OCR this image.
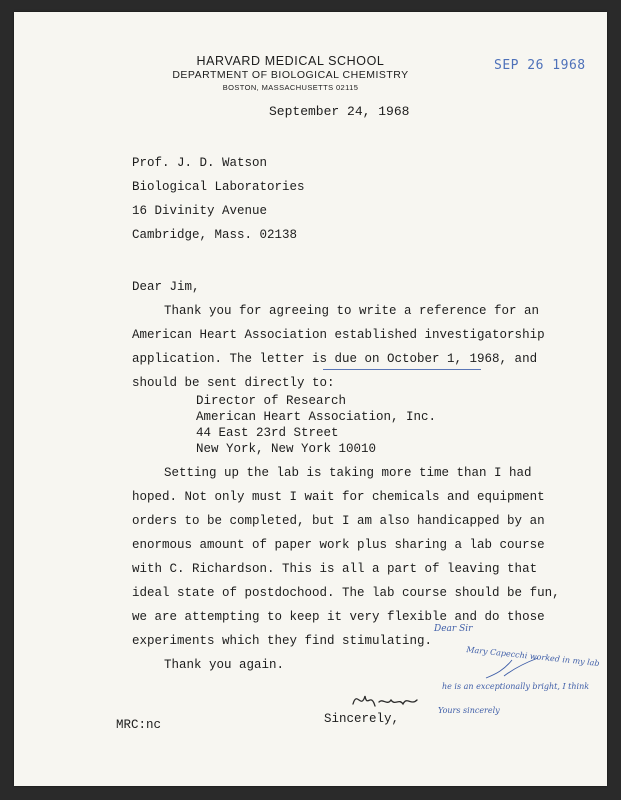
HARVARD MEDICAL SCHOOL
DEPARTMENT OF BIOLOGICAL CHEMISTRY
BOSTON, MASSACHUSETTS 02115
SEP 26 1968
September 24, 1968
Prof. J. D. Watson
Biological Laboratories
16 Divinity Avenue
Cambridge, Mass. 02138
Dear Jim,
Thank you for agreeing to write a reference for an
American Heart Association established investigatorship
application. The letter is due on October 1, 1968, and
should be sent directly to:
Director of Research
American Heart Association, Inc.
44 East 23rd Street
New York, New York 10010
Setting up the lab is taking more time than I had
hoped. Not only must I wait for chemicals and equipment
orders to be completed, but I am also handicapped by an
enormous amount of paper work plus sharing a lab course
with C. Richardson. This is all a part of leaving that
ideal state of postdochood. The lab course should be fun,
we are attempting to keep it very flexible and do those
experiments which they find stimulating.
Thank you again.
Sincerely,
Dear Sir
Mary Capecchi worked in my lab
he is an exceptionally bright, I think
Yours sincerely
MRC:nc
